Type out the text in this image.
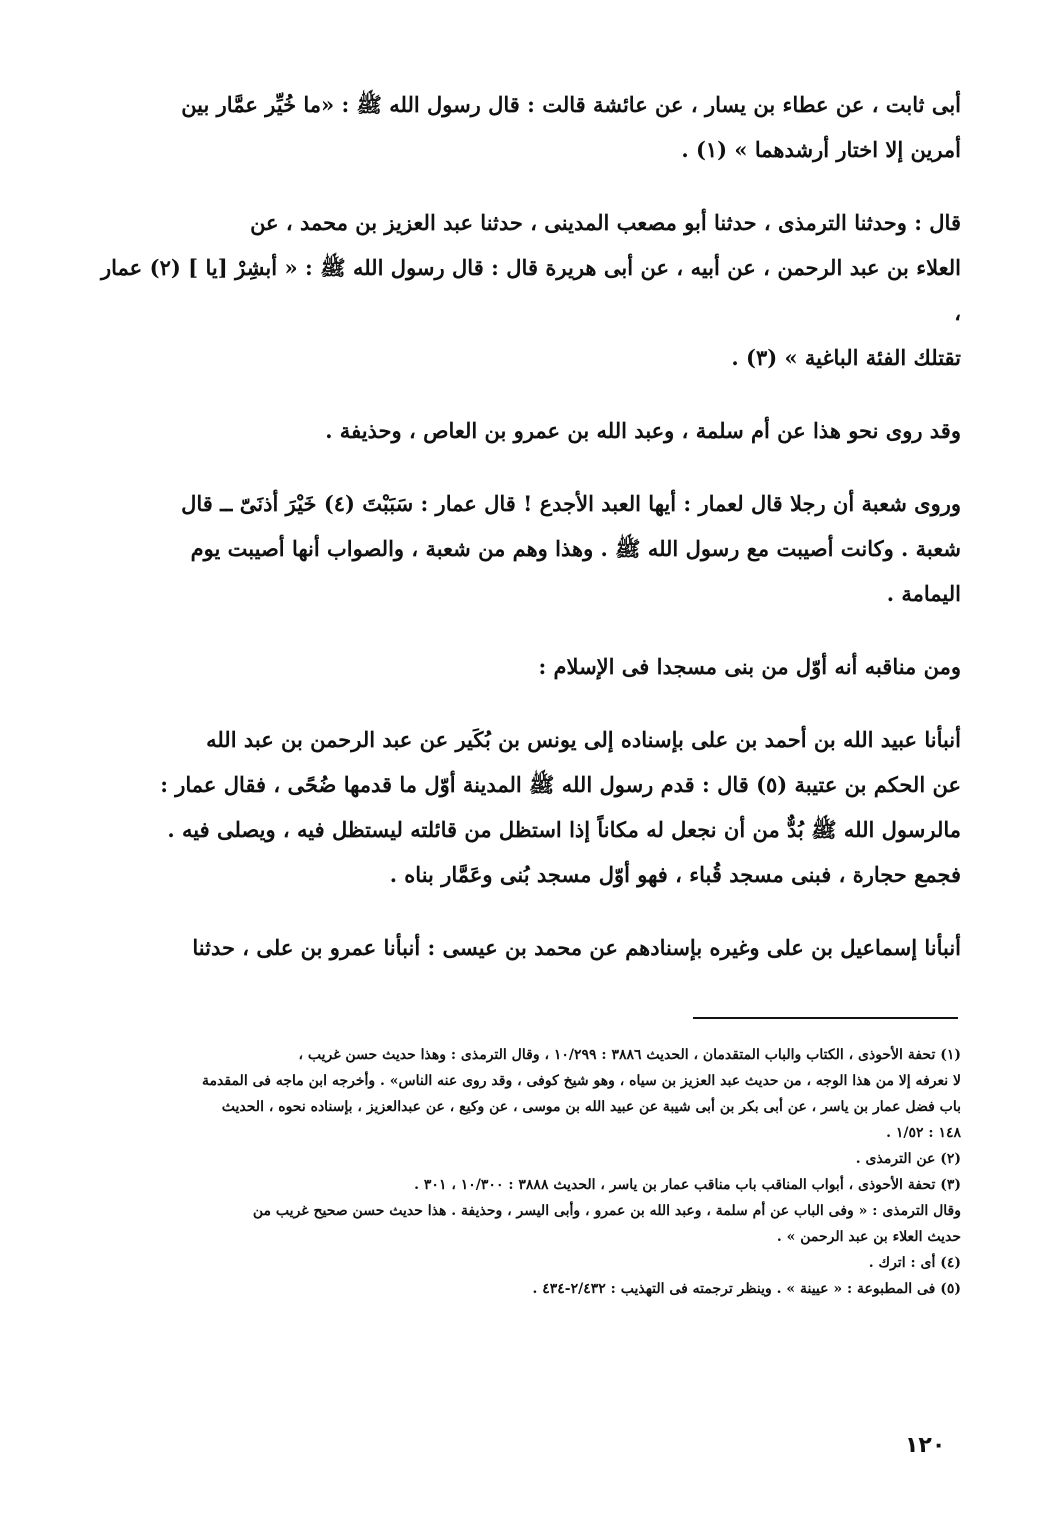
أبى ثابت ، عن عطاء بن يسار ، عن عائشة قالت : قال رسول الله ﷺ : «ما خُيِّر عمَّار بين
أمرين إلا اختار أرشدهما » (١) .

قال : وحدثنا الترمذى ، حدثنا أبو مصعب المدينى ، حدثنا عبد العزيز بن محمد ، عن
العلاء بن عبد الرحمن ، عن أبيه ، عن أبى هريرة قال : قال رسول الله ﷺ : « أبشِرْ [يا ] (٢) عمار ،
تقتلك الفئة الباغية » (٣) .

وقد روى نحو هذا عن أم سلمة ، وعبد الله بن عمرو بن العاص ، وحذيفة .

وروى شعبة أن رجلا قال لعمار : أيها العبد الأجدع ! قال عمار : سَبَبْتَ (٤) خَيْرَ أذنَىّ ــ قال
شعبة . وكانت أصيبت مع رسول الله ﷺ . وهذا وهم من شعبة ، والصواب أنها أصيبت يوم
اليمامة .

ومن مناقبه أنه أوّل من بنى مسجدا فى الإسلام :

أنبأنا عبيد الله بن أحمد بن على بإسناده إلى يونس بن بُكَير عن عبد الرحمن بن عبد الله
عن الحكم بن عتيبة (٥) قال : قدم رسول الله ﷺ المدينة أوّل ما قدمها ضُحًى ، فقال عمار :
مالرسول الله ﷺ بُدٌّ من أن نجعل له مكاناً إذا استظل من قائلته ليستظل فيه ، ويصلى فيه .
فجمع حجارة ، فبنى مسجد قُباء ، فهو أوّل مسجد بُنى وعَمَّار بناه .

أنبأنا إسماعيل بن على وغيره بإسنادهم عن محمد بن عيسى : أنبأنا عمرو بن على ، حدثنا

(١) تحفة الأحوذى ، الكتاب والباب المتقدمان ، الحديث ٣٨٨٦ : ١٠/٢٩٩ ، وقال الترمذى : وهذا حديث حسن غريب ،

لا نعرفه إلا من هذا الوجه ، من حديث عبد العزيز بن سياه ، وهو شيخ كوفى ، وقد روى عنه الناس» . وأخرجه ابن ماجه فى المقدمة

باب فضل عمار بن ياسر ، عن أبى بكر بن أبى شيبة عن عبيد الله بن موسى ، عن وكيع ، عن عبدالعزيز ، بإسناده نحوه ، الحديث

١٤٨ : ١/٥٢ .

(٢) عن الترمذى .

(٣) تحفة الأحوذى ، أبواب المناقب باب مناقب عمار بن ياسر ، الحديث ٣٨٨٨ : ١٠/٣٠٠ ، ٣٠١ .

وقال الترمذى : « وفى الباب عن أم سلمة ، وعبد الله بن عمرو ، وأبى اليسر ، وحذيفة . هذا حديث حسن صحيح غريب من

حديث العلاء بن عبد الرحمن » .

(٤) أى : اترك .

(٥) فى المطبوعة : « عيينة » . وينظر ترجمته فى التهذيب : ٢/٤٣٢-٤٣٤ .

١٢٠
